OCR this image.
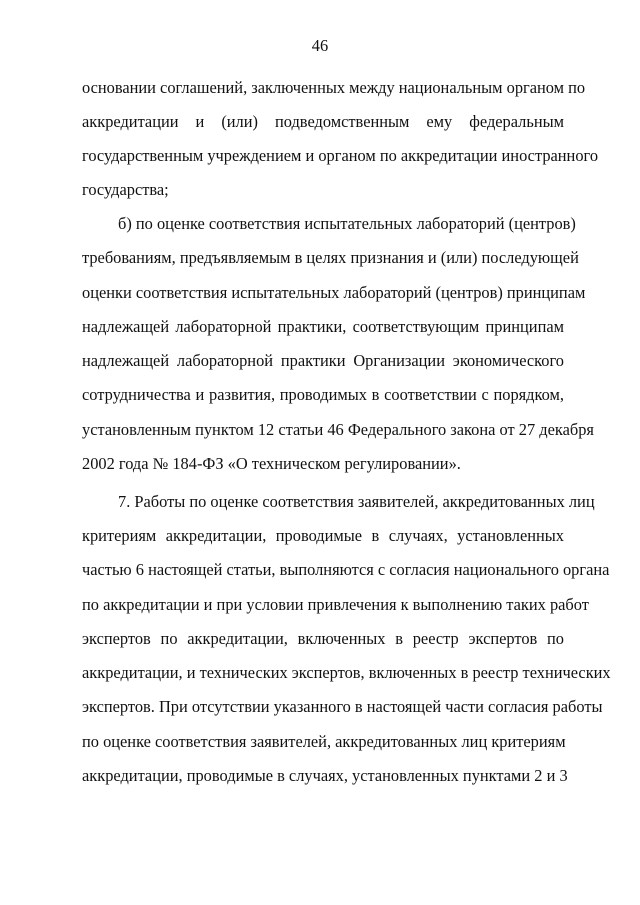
46
основании соглашений, заключенных между национальным органом по
аккредитации и (или) подведомственным ему федеральным
государственным учреждением и органом по аккредитации иностранного
государства;
б) по оценке соответствия испытательных лабораторий (центров)
требованиям, предъявляемым в целях признания и (или) последующей
оценки соответствия испытательных лабораторий (центров) принципам
надлежащей лабораторной практики, соответствующим принципам
надлежащей лабораторной практики Организации экономического
сотрудничества и развития, проводимых в соответствии с порядком,
установленным пунктом 12 статьи 46 Федерального закона от 27 декабря
2002 года № 184-ФЗ «О техническом регулировании».
7. Работы по оценке соответствия заявителей, аккредитованных лиц
критериям аккредитации, проводимые в случаях, установленных
частью 6 настоящей статьи, выполняются с согласия национального органа
по аккредитации и при условии привлечения к выполнению таких работ
экспертов по аккредитации, включенных в реестр экспертов по
аккредитации, и технических экспертов, включенных в реестр технических
экспертов. При отсутствии указанного в настоящей части согласия работы
по оценке соответствия заявителей, аккредитованных лиц критериям
аккредитации, проводимые в случаях, установленных пунктами 2 и 3
